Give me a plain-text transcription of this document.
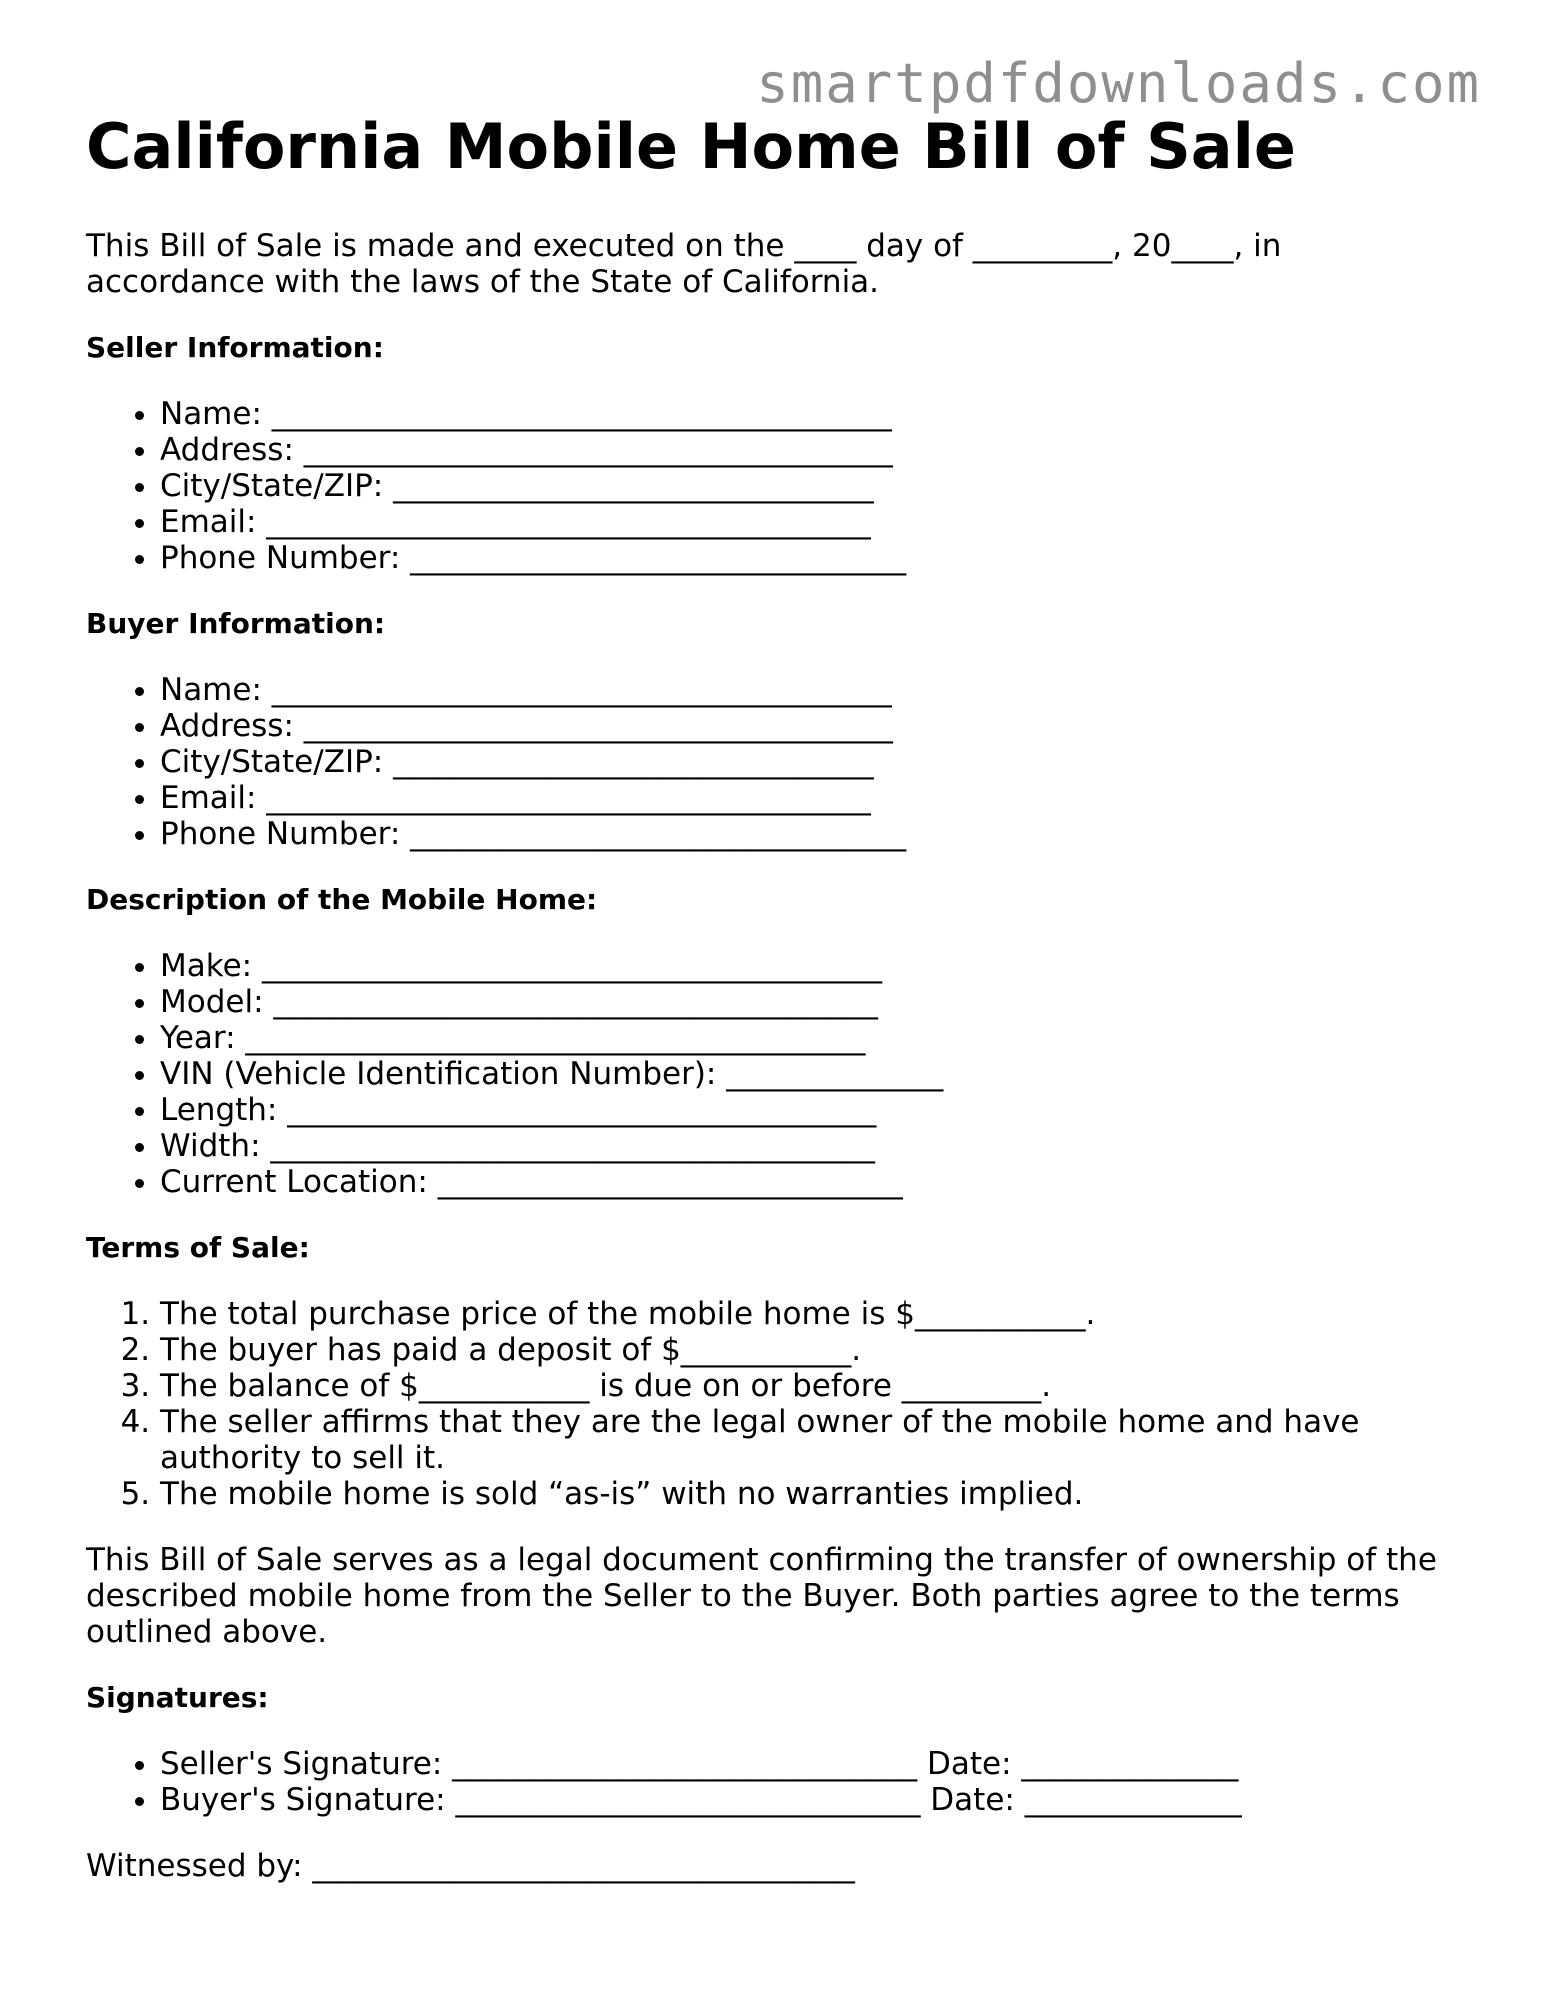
smartpdfdownloads.com
California Mobile Home Bill of Sale

This Bill of Sale is made and executed on the ____ day of _________, 20____, in accordance with the laws of the State of California.

Seller Information:
• Name: ________________________________________
• Address: ______________________________________
• City/State/ZIP: _______________________________
• Email: _______________________________________
• Phone Number: ________________________________
Buyer Information:
• Name: ________________________________________
• Address: ______________________________________
• City/State/ZIP: _______________________________
• Email: _______________________________________
• Phone Number: ________________________________
Description of the Mobile Home:
• Make: ________________________________________
• Model: _______________________________________
• Year: ________________________________________
• VIN (Vehicle Identification Number): ______________
• Length: ______________________________________
• Width: _______________________________________
• Current Location: ______________________________
Terms of Sale:
1. The total purchase price of the mobile home is $___________.
2. The buyer has paid a deposit of $___________.
3. The balance of $___________ is due on or before _________.
4. The seller affirms that they are the legal owner of the mobile home and have authority to sell it.
5. The mobile home is sold “as-is” with no warranties implied.

This Bill of Sale serves as a legal document confirming the transfer of ownership of the described mobile home from the Seller to the Buyer. Both parties agree to the terms outlined above.

Signatures:
• Seller's Signature: ______________________________ Date: ______________
• Buyer's Signature: ______________________________ Date: ______________

Witnessed by: ___________________________________
